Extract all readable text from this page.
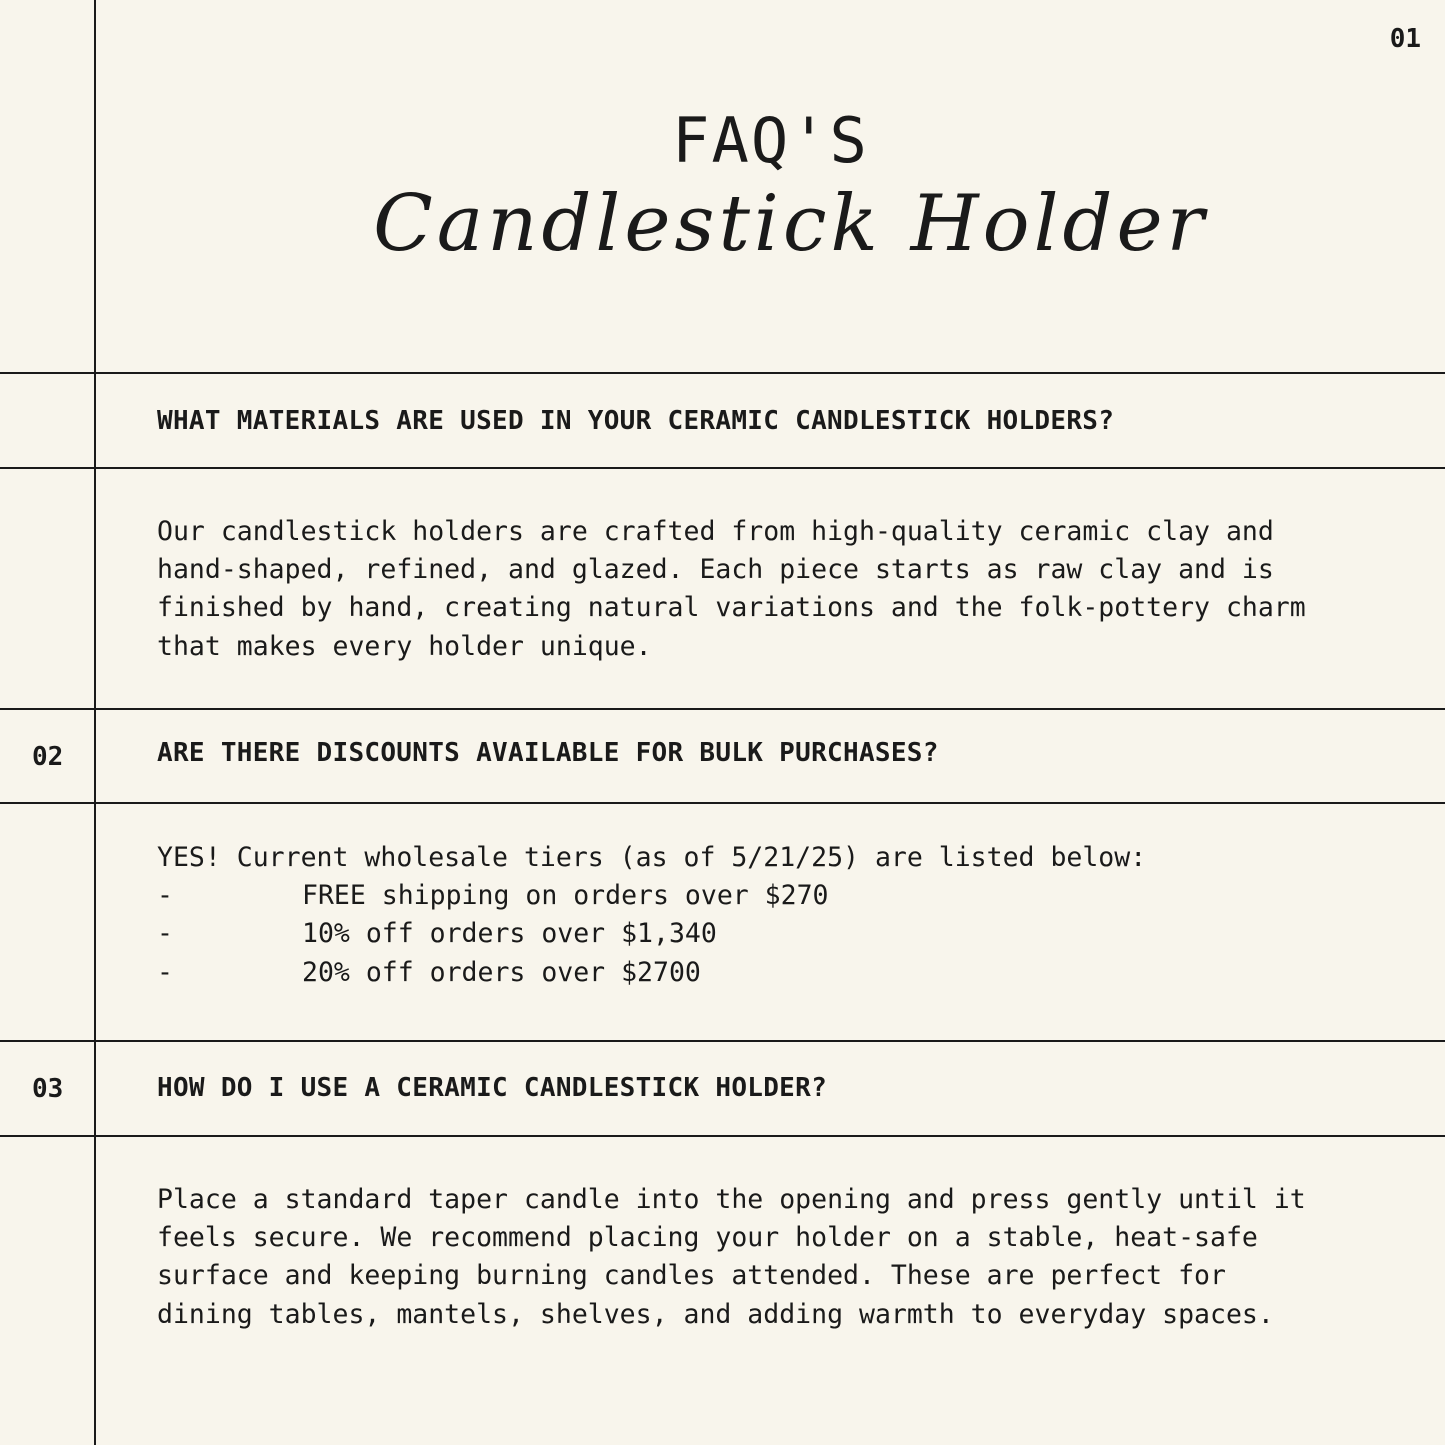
01
FAQ'S
Candlestick Holder
WHAT MATERIALS ARE USED IN YOUR CERAMIC CANDLESTICK HOLDERS?

Our candlestick holders are crafted from high-quality ceramic clay and

hand-shaped, refined, and glazed. Each piece starts as raw clay and is

finished by hand, creating natural variations and the folk-pottery charm

that makes every holder unique.

02	ARE THERE DISCOUNTS AVAILABLE FOR BULK PURCHASES?

YES! Current wholesale tiers (as of 5/21/25) are listed below:

-	FREE shipping on orders over $270
-	10% off orders over $1,340
-	20% off orders over $2700
03	HOW DO I USE A CERAMIC CANDLESTICK HOLDER?

Place a standard taper candle into the opening and press gently until it

feels secure. We recommend placing your holder on a stable, heat-safe

surface and keeping burning candles attended. These are perfect for

dining tables, mantels, shelves, and adding warmth to everyday spaces.
